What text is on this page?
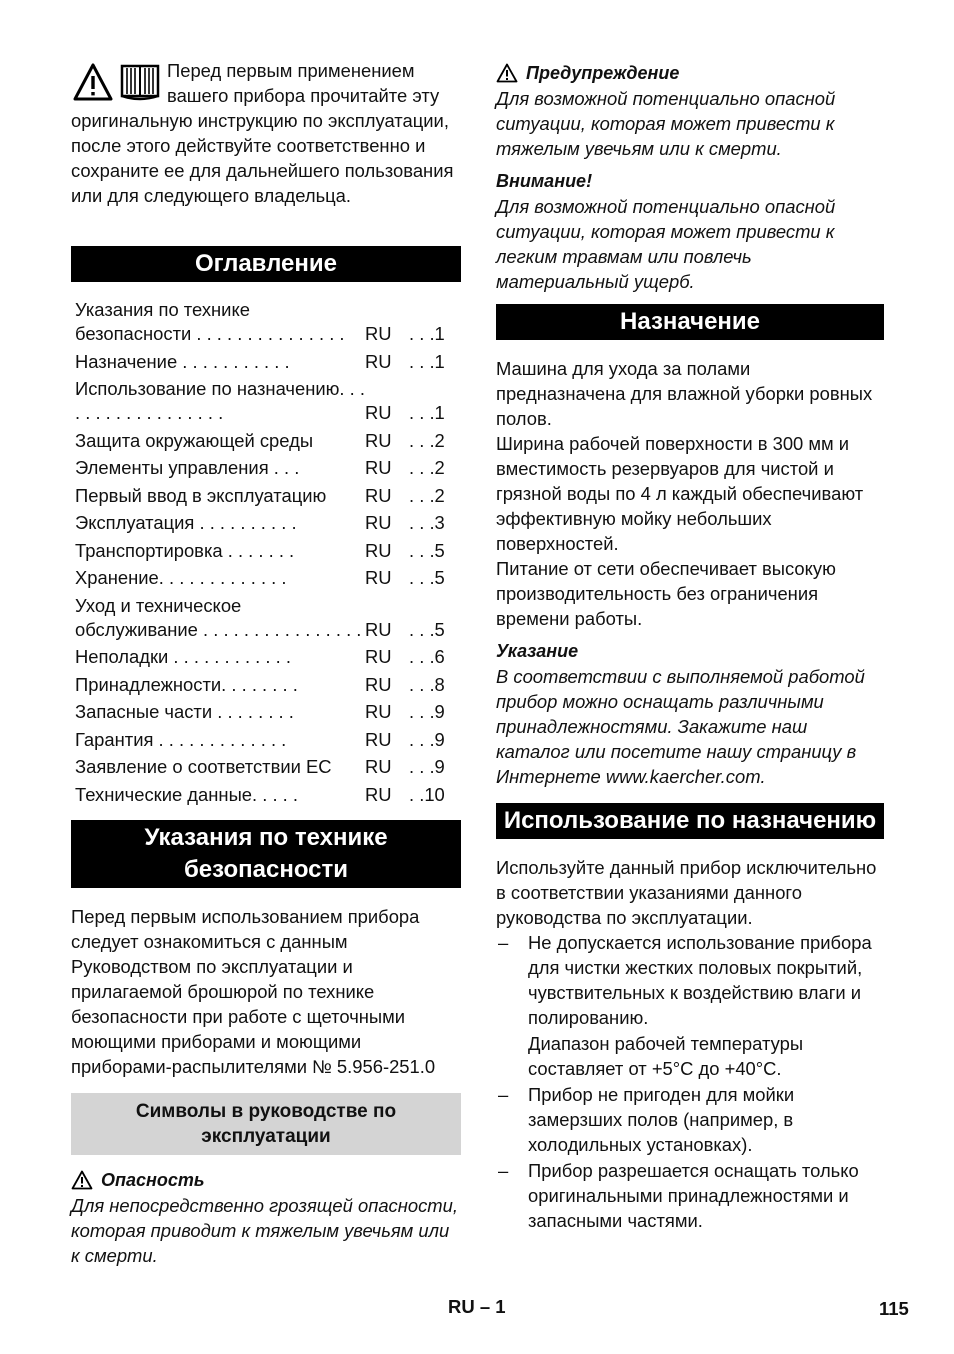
Перед первым применением
вашего прибора прочитайте эту оригинальную инструкцию по эксплуатации, после этого действуйте соответственно и сохраните ее для дальнейшего пользования или для следующего владельца.

Оглавление
Указания по технике безопасности . . . . . . . . . . . . . . .	RU . . .1
Назначение . . . . . . . . . . .	RU . . .1
Использование по назначению. . . . . . . . . . . . . . . . . .	RU . . .1
Защита окружающей среды	RU . . .2
Элементы управления . . .	RU . . .2
Первый ввод в эксплуатацию	RU . . .2
Эксплуатация . . . . . . . . . .	RU . . .3
Транспортировка . . . . . . .	RU . . .5
Хранение. . . . . . . . . . . . .	RU . . .5
Уход и техническое обслуживание . . . . . . . . . . . . . . . . RU . . .5
Неполадки . . . . . . . . . . . .	RU . . .6
Принадлежности. . . . . . . .	RU . . .8
Запасные части . . . . . . . .	RU . . .9
Гарантия . . . . . . . . . . . . .	RU . . .9
Заявление о соответствии ЕС	RU . . .9
Технические данные. . . . .	RU . .10
Указания по технике безопасности

Перед первым использованием прибора следует ознакомиться с данным Руководством по эксплуатации и прилагаемой брошюрой по технике безопасности при работе с щеточными моющими приборами и моющими приборами-распылителями № 5.956-251.0

Символы в руководстве по эксплуатации
Опасность

Для непосредственно грозящей опасности, которая приводит к тяжелым увечьям или к смерти.

Предупреждение

Для возможной потенциально опасной ситуации, которая может привести к тяжелым увечьям или к смерти.

Внимание!

Для возможной потенциально опасной ситуации, которая может привести к легким травмам или повлечь материальный ущерб.

Назначение

Машина для ухода за полами предназначена для влажной уборки ровных полов.

Ширина рабочей поверхности в 300 мм и вместимость резервуаров для чистой и грязной воды по 4 л каждый обеспечивают эффективную мойку небольших поверхностей.

Питание от сети обеспечивает высокую производительность без ограничения времени работы.

Указание

В соответствии с выполняемой работой прибор можно оснащать различными принадлежностями. Закажите наш каталог или посетите нашу страницу в Интернете www.kaercher.com.

Использование по назначению

Используйте данный прибор исключительно в соответствии указаниями данного руководства по эксплуатации.

– Не допускается использование прибора для чистки жестких половых покрытий, чувствительных к воздействию влаги и полированию.
Диапазон рабочей температуры составляет от +5°C до +40°C.
– Прибор не пригоден для мойки замерзших полов (например, в холодильных установках).
– Прибор разрешается оснащать только оригинальными принадлежностями и запасными частями.
RU – 1	115
